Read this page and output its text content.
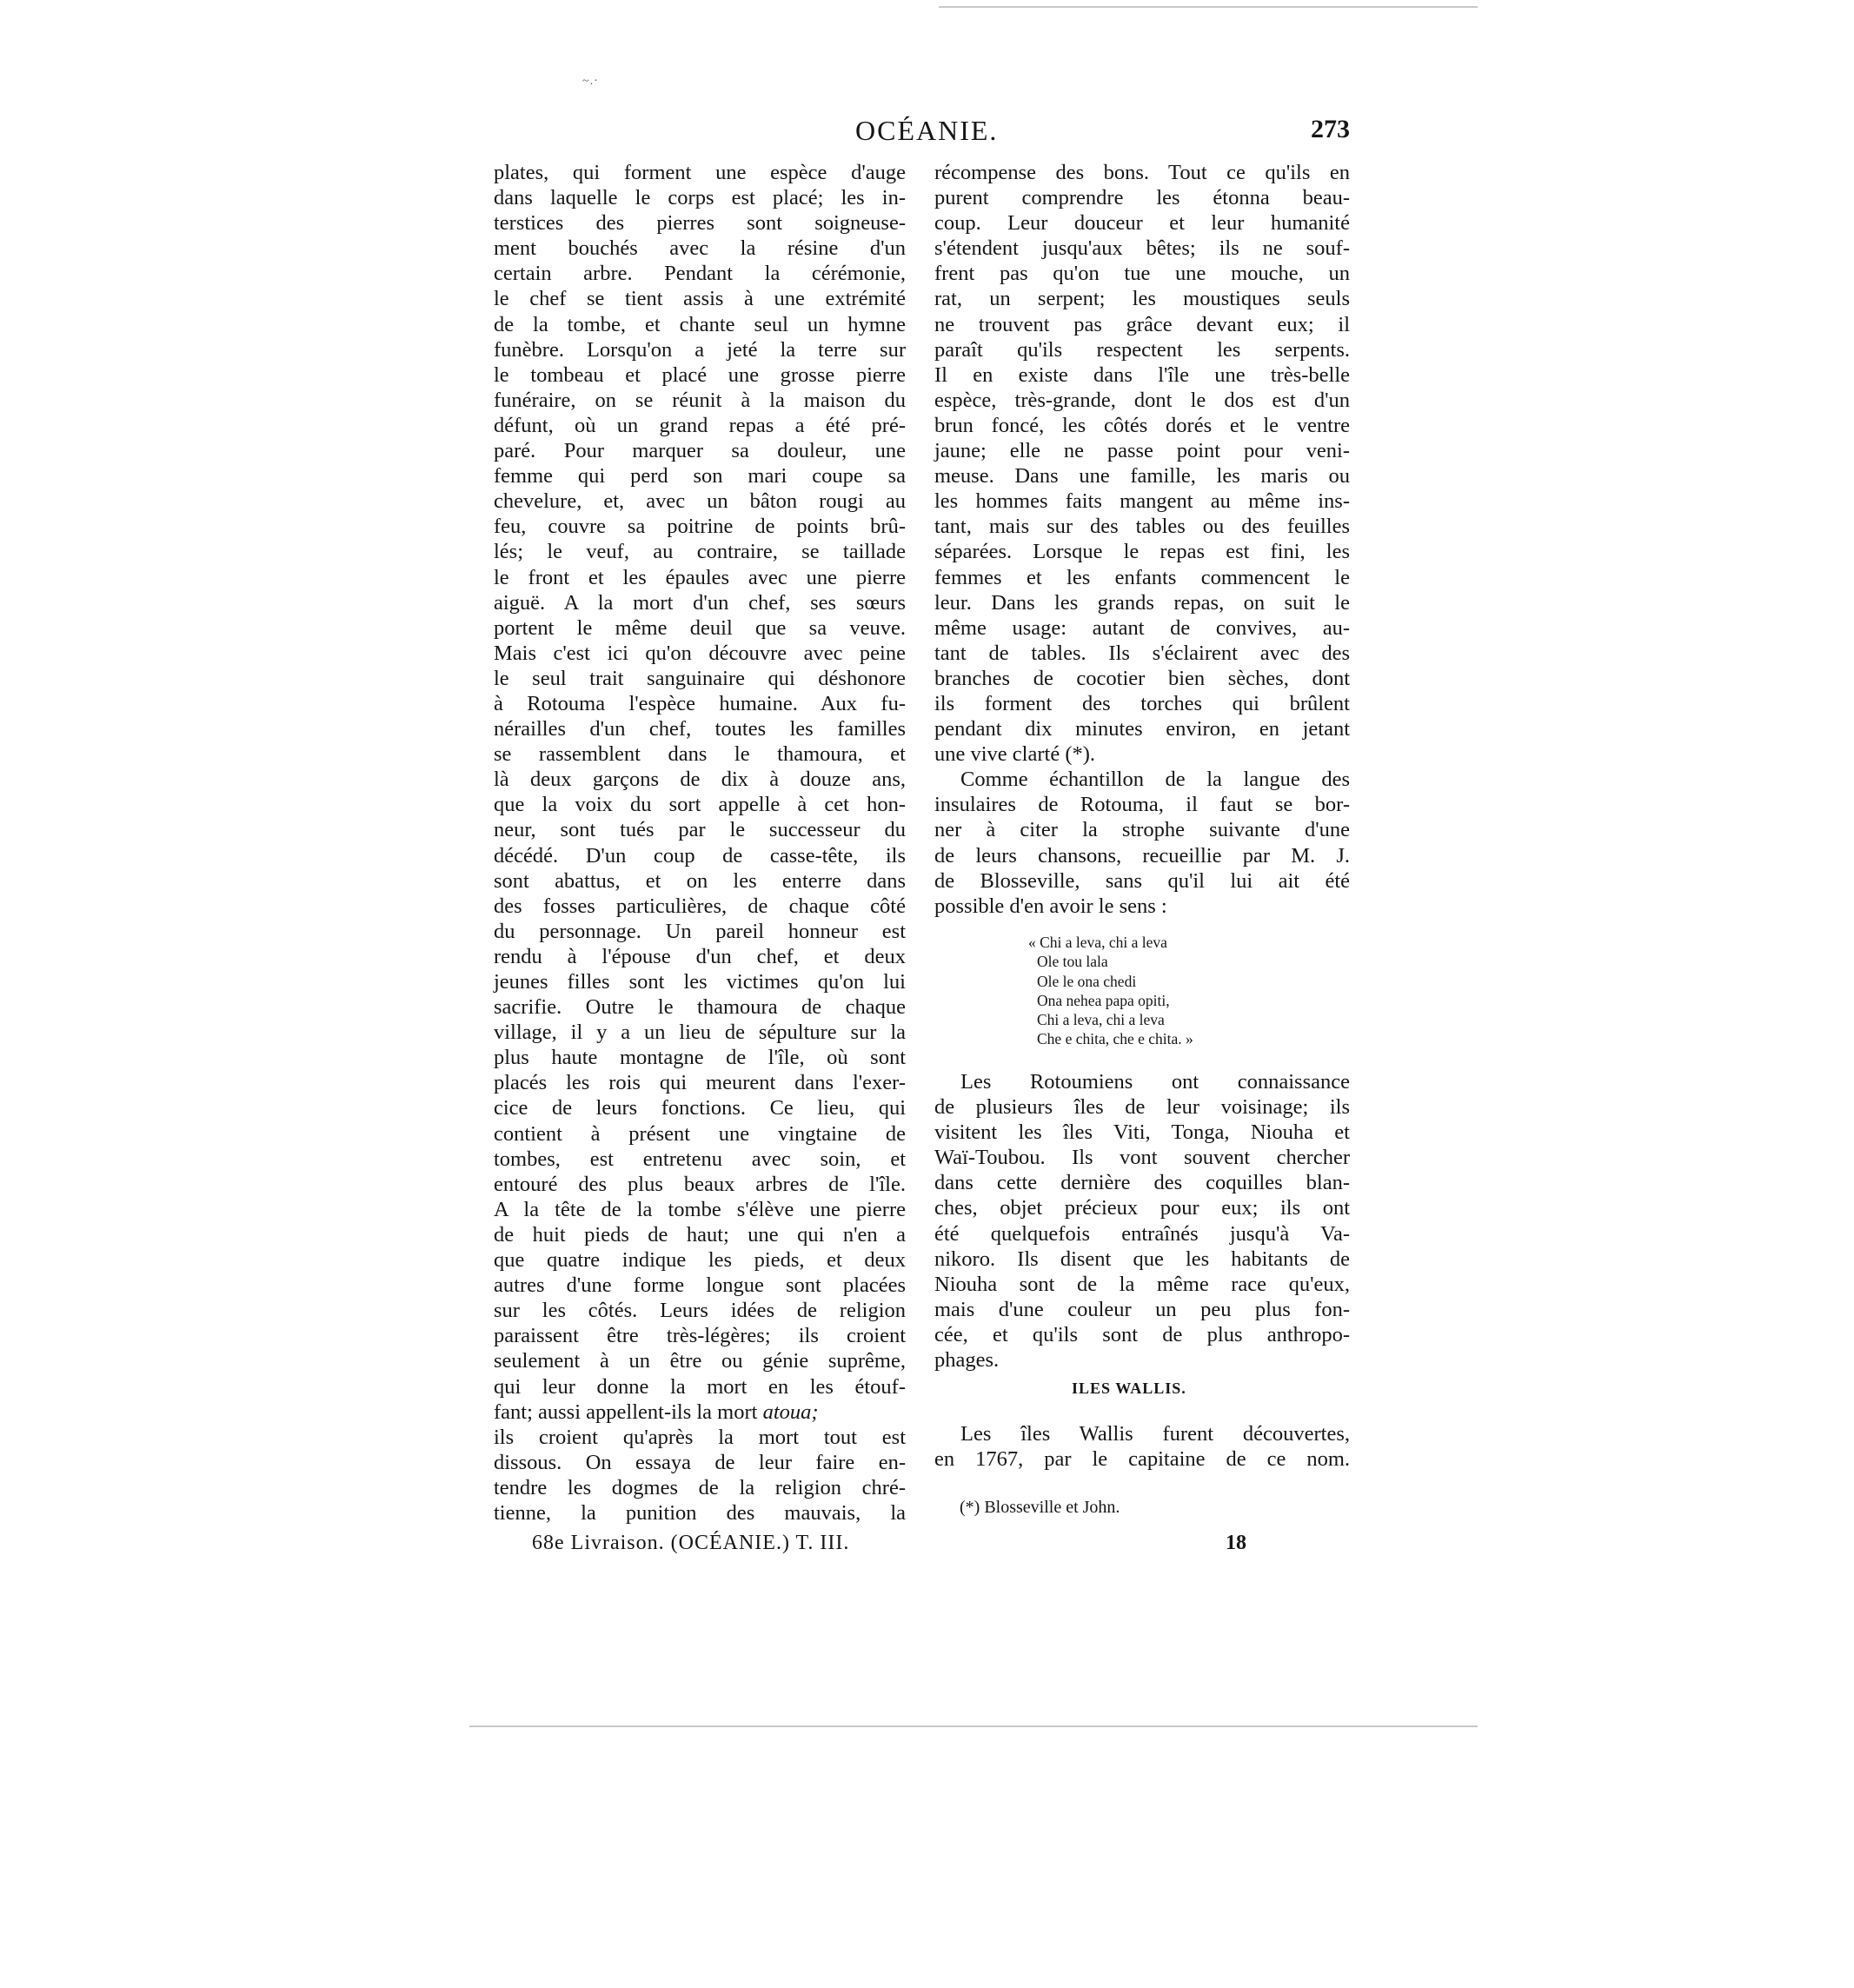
~.·
OCÉANIE.	273
plates, qui forment une espèce d'auge
dans laquelle le corps est placé; les in-
terstices des pierres sont soigneuse-
ment bouchés avec la résine d'un
certain arbre. Pendant la cérémonie,
le chef se tient assis à une extrémité
de la tombe, et chante seul un hymne
funèbre. Lorsqu'on a jeté la terre sur
le tombeau et placé une grosse pierre
funéraire, on se réunit à la maison du
défunt, où un grand repas a été pré-
paré. Pour marquer sa douleur, une
femme qui perd son mari coupe sa
chevelure, et, avec un bâton rougi au
feu, couvre sa poitrine de points brû-
lés; le veuf, au contraire, se taillade
le front et les épaules avec une pierre
aiguë. A la mort d'un chef, ses sœurs
portent le même deuil que sa veuve.
Mais c'est ici qu'on découvre avec peine
le seul trait sanguinaire qui déshonore
à Rotouma l'espèce humaine. Aux fu-
nérailles d'un chef, toutes les familles
se rassemblent dans le thamoura, et
là deux garçons de dix à douze ans,
que la voix du sort appelle à cet hon-
neur, sont tués par le successeur du
décédé. D'un coup de casse-tête, ils
sont abattus, et on les enterre dans
des fosses particulières, de chaque côté
du personnage. Un pareil honneur est
rendu à l'épouse d'un chef, et deux
jeunes filles sont les victimes qu'on lui
sacrifie. Outre le thamoura de chaque
village, il y a un lieu de sépulture sur la
plus haute montagne de l'île, où sont
placés les rois qui meurent dans l'exer-
cice de leurs fonctions. Ce lieu, qui
contient à présent une vingtaine de
tombes, est entretenu avec soin, et
entouré des plus beaux arbres de l'île.
A la tête de la tombe s'élève une pierre
de huit pieds de haut; une qui n'en a
que quatre indique les pieds, et deux
autres d'une forme longue sont placées
sur les côtés. Leurs idées de religion
paraissent être très-légères; ils croient
seulement à un être ou génie suprême,
qui leur donne la mort en les étouf-
fant; aussi appellent-ils la mort atoua;
ils croient qu'après la mort tout est
dissous. On essaya de leur faire en-
tendre les dogmes de la religion chré-
tienne, la punition des mauvais, la
récompense des bons. Tout ce qu'ils en
purent comprendre les étonna beau-
coup. Leur douceur et leur humanité
s'étendent jusqu'aux bêtes; ils ne souf-
frent pas qu'on tue une mouche, un
rat, un serpent; les moustiques seuls
ne trouvent pas grâce devant eux; il
paraît qu'ils respectent les serpents.
Il en existe dans l'île une très-belle
espèce, très-grande, dont le dos est d'un
brun foncé, les côtés dorés et le ventre
jaune; elle ne passe point pour veni-
meuse. Dans une famille, les maris ou
les hommes faits mangent au même ins-
tant, mais sur des tables ou des feuilles
séparées. Lorsque le repas est fini, les
femmes et les enfants commencent le
leur. Dans les grands repas, on suit le
même usage: autant de convives, au-
tant de tables. Ils s'éclairent avec des
branches de cocotier bien sèches, dont
ils forment des torches qui brûlent
pendant dix minutes environ, en jetant
une vive clarté (*).
Comme échantillon de la langue des
insulaires de Rotouma, il faut se bor-
ner à citer la strophe suivante d'une
de leurs chansons, recueillie par M. J.
de Blosseville, sans qu'il lui ait été
possible d'en avoir le sens :
« Chi a leva, chi a leva
Ole tou lala
Ole le ona chedi
Ona nehea papa opiti,
Chi a leva, chi a leva
Che e chita, che e chita. »
Les Rotoumiens ont connaissance
de plusieurs îles de leur voisinage; ils
visitent les îles Viti, Tonga, Niouha et
Waï-Toubou. Ils vont souvent chercher
dans cette dernière des coquilles blan-
ches, objet précieux pour eux; ils ont
été quelquefois entraînés jusqu'à Va-
nikoro. Ils disent que les habitants de
Niouha sont de la même race qu'eux,
mais d'une couleur un peu plus fon-
cée, et qu'ils sont de plus anthropo-
phages.
ILES WALLIS.
Les îles Wallis furent découvertes,
en 1767, par le capitaine de ce nom.
(*) Blosseville et John.
68e Livraison. (OCÉANIE.) T. III.	18
